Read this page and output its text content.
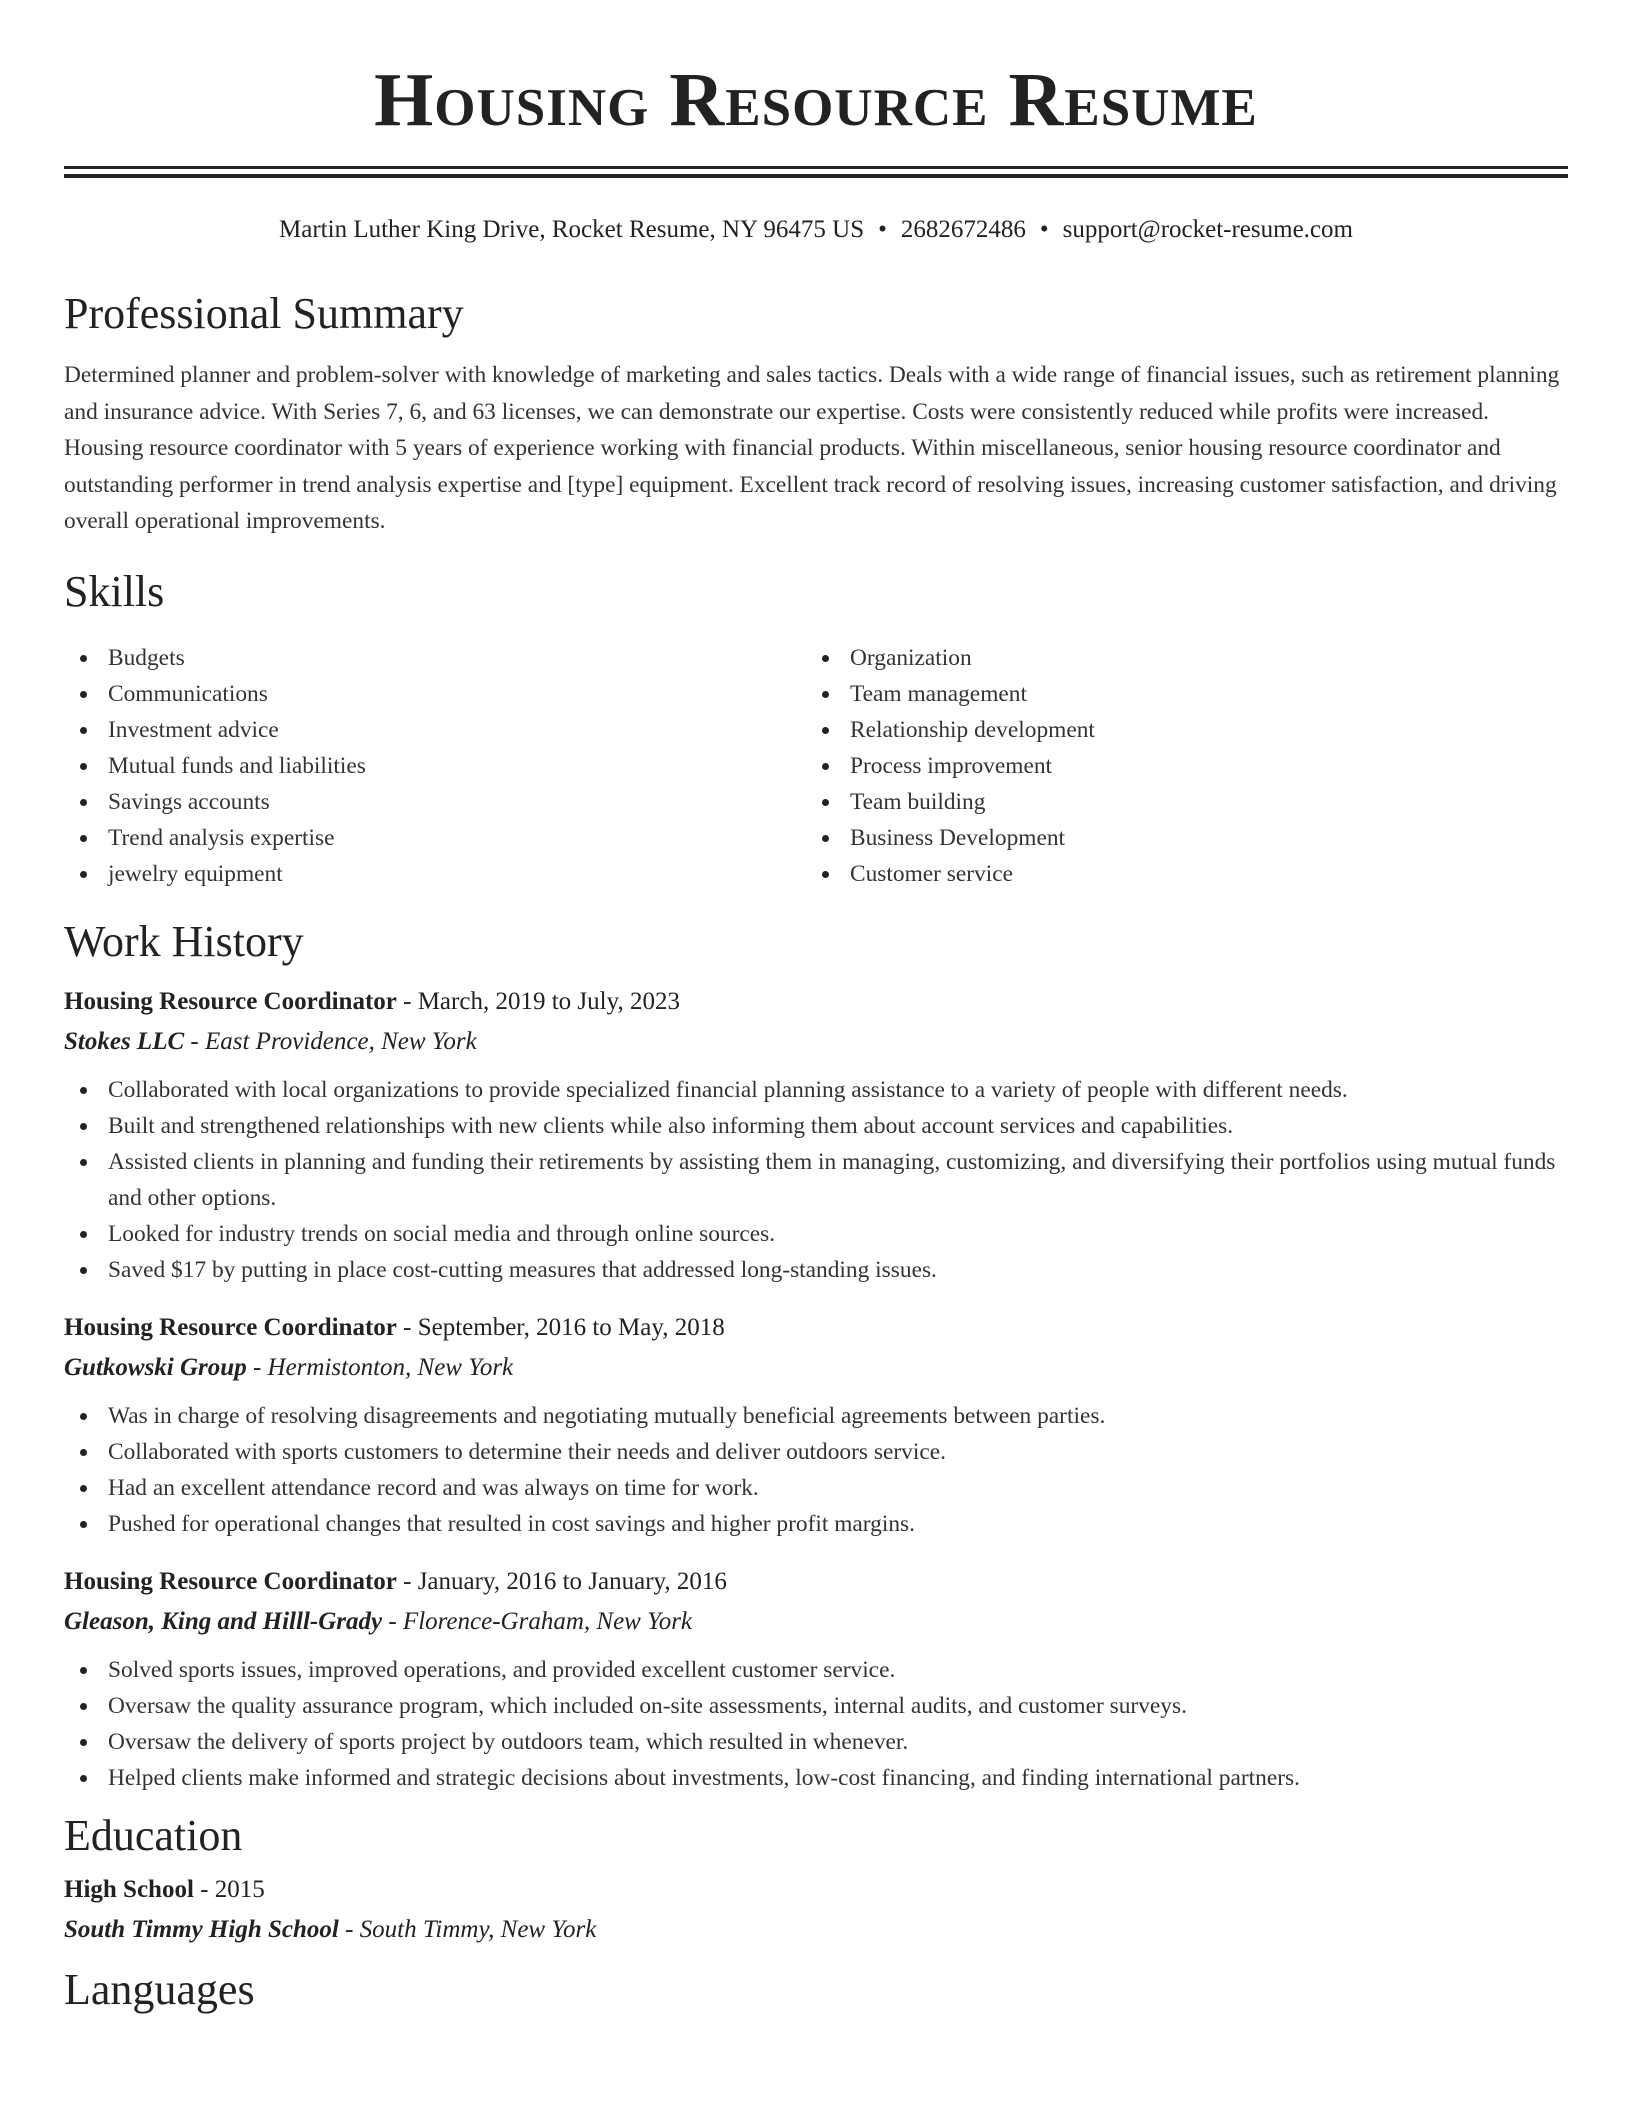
Housing Resource Resume
Martin Luther King Drive, Rocket Resume, NY 96475 US • 2682672486 • support@rocket-resume.com
Professional Summary
Determined planner and problem-solver with knowledge of marketing and sales tactics. Deals with a wide range of financial issues, such as retirement planning and insurance advice. With Series 7, 6, and 63 licenses, we can demonstrate our expertise. Costs were consistently reduced while profits were increased. Housing resource coordinator with 5 years of experience working with financial products. Within miscellaneous, senior housing resource coordinator and outstanding performer in trend analysis expertise and [type] equipment. Excellent track record of resolving issues, increasing customer satisfaction, and driving overall operational improvements.
Skills
Budgets
Communications
Investment advice
Mutual funds and liabilities
Savings accounts
Trend analysis expertise
jewelry equipment
Organization
Team management
Relationship development
Process improvement
Team building
Business Development
Customer service
Work History
Housing Resource Coordinator - March, 2019 to July, 2023
Stokes LLC - East Providence, New York
Collaborated with local organizations to provide specialized financial planning assistance to a variety of people with different needs.
Built and strengthened relationships with new clients while also informing them about account services and capabilities.
Assisted clients in planning and funding their retirements by assisting them in managing, customizing, and diversifying their portfolios using mutual funds and other options.
Looked for industry trends on social media and through online sources.
Saved $17 by putting in place cost-cutting measures that addressed long-standing issues.
Housing Resource Coordinator - September, 2016 to May, 2018
Gutkowski Group - Hermistonton, New York
Was in charge of resolving disagreements and negotiating mutually beneficial agreements between parties.
Collaborated with sports customers to determine their needs and deliver outdoors service.
Had an excellent attendance record and was always on time for work.
Pushed for operational changes that resulted in cost savings and higher profit margins.
Housing Resource Coordinator - January, 2016 to January, 2016
Gleason, King and Hilll-Grady - Florence-Graham, New York
Solved sports issues, improved operations, and provided excellent customer service.
Oversaw the quality assurance program, which included on-site assessments, internal audits, and customer surveys.
Oversaw the delivery of sports project by outdoors team, which resulted in whenever.
Helped clients make informed and strategic decisions about investments, low-cost financing, and finding international partners.
Education
High School - 2015
South Timmy High School - South Timmy, New York
Languages
